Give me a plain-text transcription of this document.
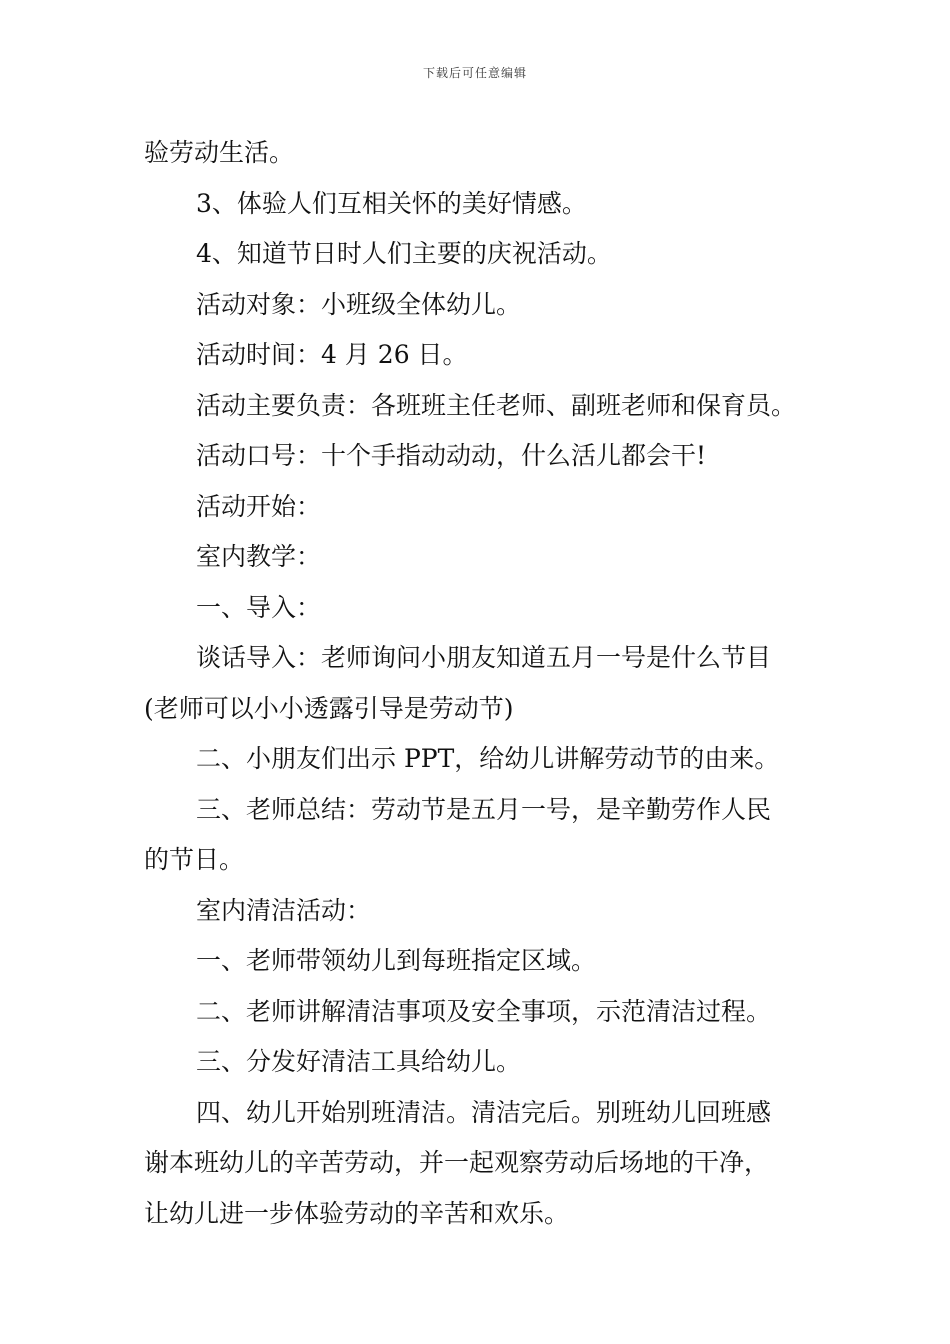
下载后可任意编辑

验劳动生活。

3、体验人们互相关怀的美好情感。

4、知道节日时人们主要的庆祝活动。

活动对象：小班级全体幼儿。

活动时间：4 月 26 日。

活动主要负责：各班班主任老师、副班老师和保育员。

活动口号：十个手指动动动，什么活儿都会干!

活动开始：

室内教学：

一、导入：

谈话导入：老师询问小朋友知道五月一号是什么节目

(老师可以小小透露引导是劳动节)

二、小朋友们出示 PPT，给幼儿讲解劳动节的由来。

三、老师总结：劳动节是五月一号，是辛勤劳作人民

的节日。

室内清洁活动：

一、老师带领幼儿到每班指定区域。

二、老师讲解清洁事项及安全事项，示范清洁过程。

三、分发好清洁工具给幼儿。

四、幼儿开始别班清洁。清洁完后。别班幼儿回班感

谢本班幼儿的辛苦劳动，并一起观察劳动后场地的干净，

让幼儿进一步体验劳动的辛苦和欢乐。
